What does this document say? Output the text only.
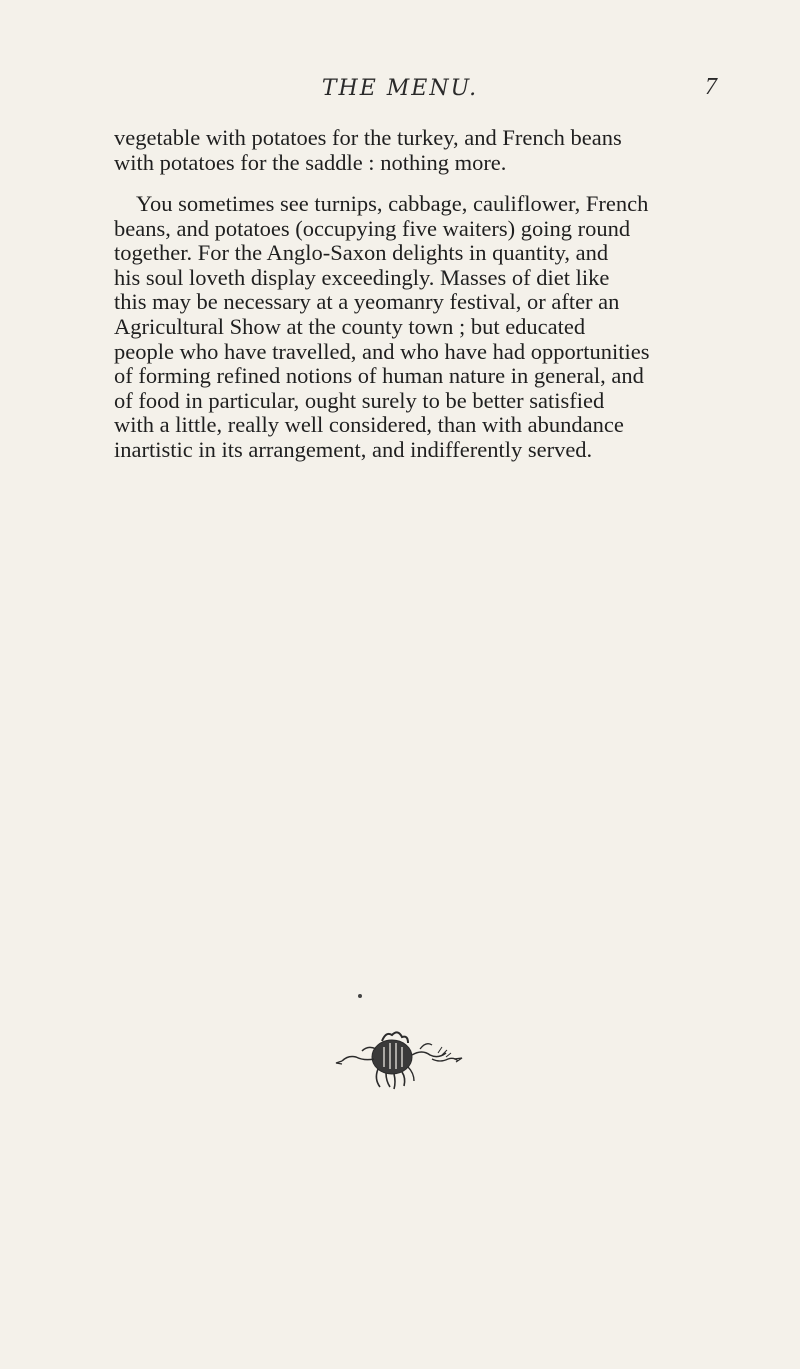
THE MENU.	7

vegetable with potatoes for the turkey, and French beans
with potatoes for the saddle : nothing more.

You sometimes see turnips, cabbage, cauliflower, French
beans, and potatoes (occupying five waiters) going round
together. For the Anglo-Saxon delights in quantity, and
his soul loveth display exceedingly. Masses of diet like
this may be necessary at a yeomanry festival, or after an
Agricultural Show at the county town ; but educated
people who have travelled, and who have had opportunities
of forming refined notions of human nature in general, and
of food in particular, ought surely to be better satisfied
with a little, really well considered, than with abundance
inartistic in its arrangement, and indifferently served.
